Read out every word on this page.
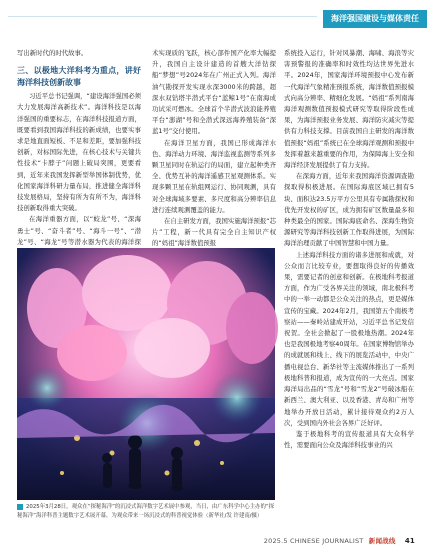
海洋强国建设与媒体责任

写出新时代的时代故事。

三、以极地大洋科考为重点，讲好海洋科技创新故事

习近平总书记强调，“建设海洋强国必须大力发展海洋高新技术”。海洋科技是以海洋强国的重要标志，在海洋科技报道方面，既要看到我国海洋科技的新成绩，也要实事求是地直面短板、不足和差距，要加强科技创新，对标国际先进，在核心技术与关键共性技术“卡脖子”问题上破局突围，更要看到，近年来我国发挥新型举国体制优势，优化国家海洋科研力量布局，推进健全海洋科技发展格局，坚持有所为有所不为，海洋科技创新取得重大突破。

在海洋重器方面，以“蛟龙”号、“深海勇士”号、“奋斗者”号、“海斗一号”、“潜龙”号、“海龙”号等潜水器为代表的海洋探

术实现质的飞跃，核心部件国产化率大幅提升，我国自主设计建造的首艘大洋钻探船“梦想”号2024年在广州正式入列。海洋油气勘探开发实现水深3000米的跨越，超深水双钻塔半潜式平台“蓝鲸1号”在南海成功试采可燃冰。全球首个半潜式波浪能养殖平台“澎湖”号和全潜式深远海养殖装备“深蓝1号”交付使用。

在海洋卫星方面，我国已形成海洋水色、海洋动力环境、海洋监视监测等系列多颗卫星同时在轨运行的局面，建立起种类齐全、优势互补的海洋遥感卫星观测体系。实现多颗卫星在轨组网运行、协同观测，具有对全球海域多要素、多尺度和高分辨率信息进行连续观测覆盖的能力。

在自主研发方面，我国实施海洋预报“芯片”工程，新一代具有完全自主知识产权的“妈祖”海洋数值预报

系统投入运行，针对风暴潮、海啸、海浪等灾害预警报的准确率和时效性均达世界先进水平。2024年，国家海洋环境预报中心发布新一代海洋气象精准预报系统，海洋数值预报模式向高分辨率、精细化发展。“妈祖”系列南海海洋观测数值预报模式研究等取得阶段性成果，为海洋预报业务发展、海洋防灾减灾等提供有力科技支撑。目前我国自主研发的海洋数值预报“妈祖”系统已在全球海洋观测和预报中发挥着越来越重要的作用，为保障海上安全和海洋经济发展提供了有力支持。

在深海方面，近年来我国海洋资源调查勘探取得积极进展。在国际海底区域已拥有5块、面积达23.5万平方公里具有专属勘探权和优先开发权的矿区，成为拥有矿区数量最多和种类最全的国家。国际海底命名、深海生物资源研究等海洋科技创新工作取得进展，为国际海洋治理贡献了中国智慧和中国力量。

上述海洋科技方面的诸多进展和成就，对公众而言比较专业，要想取得良好的传播效果，需要记者的创意和创新。在极地科考报道方面，作为广受各界关注的领域，南北极科考中的一举一动都是公众关注的热点，更是媒体宣传的宝藏。2024年2月，我国第五个南极考察站——秦岭站建成开站，习近平总书记发信祝贺。全社会掀起了一股极地热潮。2024年也是我国极地考察40周年。在国家博物馆举办的成就展和线上、线下的展览活动中，中央广播电视总台、新华社等主流媒体推出了一系列极地科普和报道，成为宣传的一大亮点。国家海洋局出品的“雪龙”号和“雪龙2”号破冰船在新西兰、澳大利亚、以及香港、青岛和广州等地举办开放日活动，累计接待观众约2万人次，受到国内外社会各界广泛好评。

鉴于极地科考的宣传报道具有大众科学性，需要面向公众及海洋科技事业的兴

2025年3月28日，观众在“探秘海洋”的沉浸式海洋数字艺术展中参观，当日，由广东科学中心主办的“探秘海洋”海洋科普主题数字艺术展开幕，为观众带来一场沉浸式的科普视觉体验（新华社/发 许建南/摄）
2025.5 CHINESE JOURNALIST 新闻战线 41
